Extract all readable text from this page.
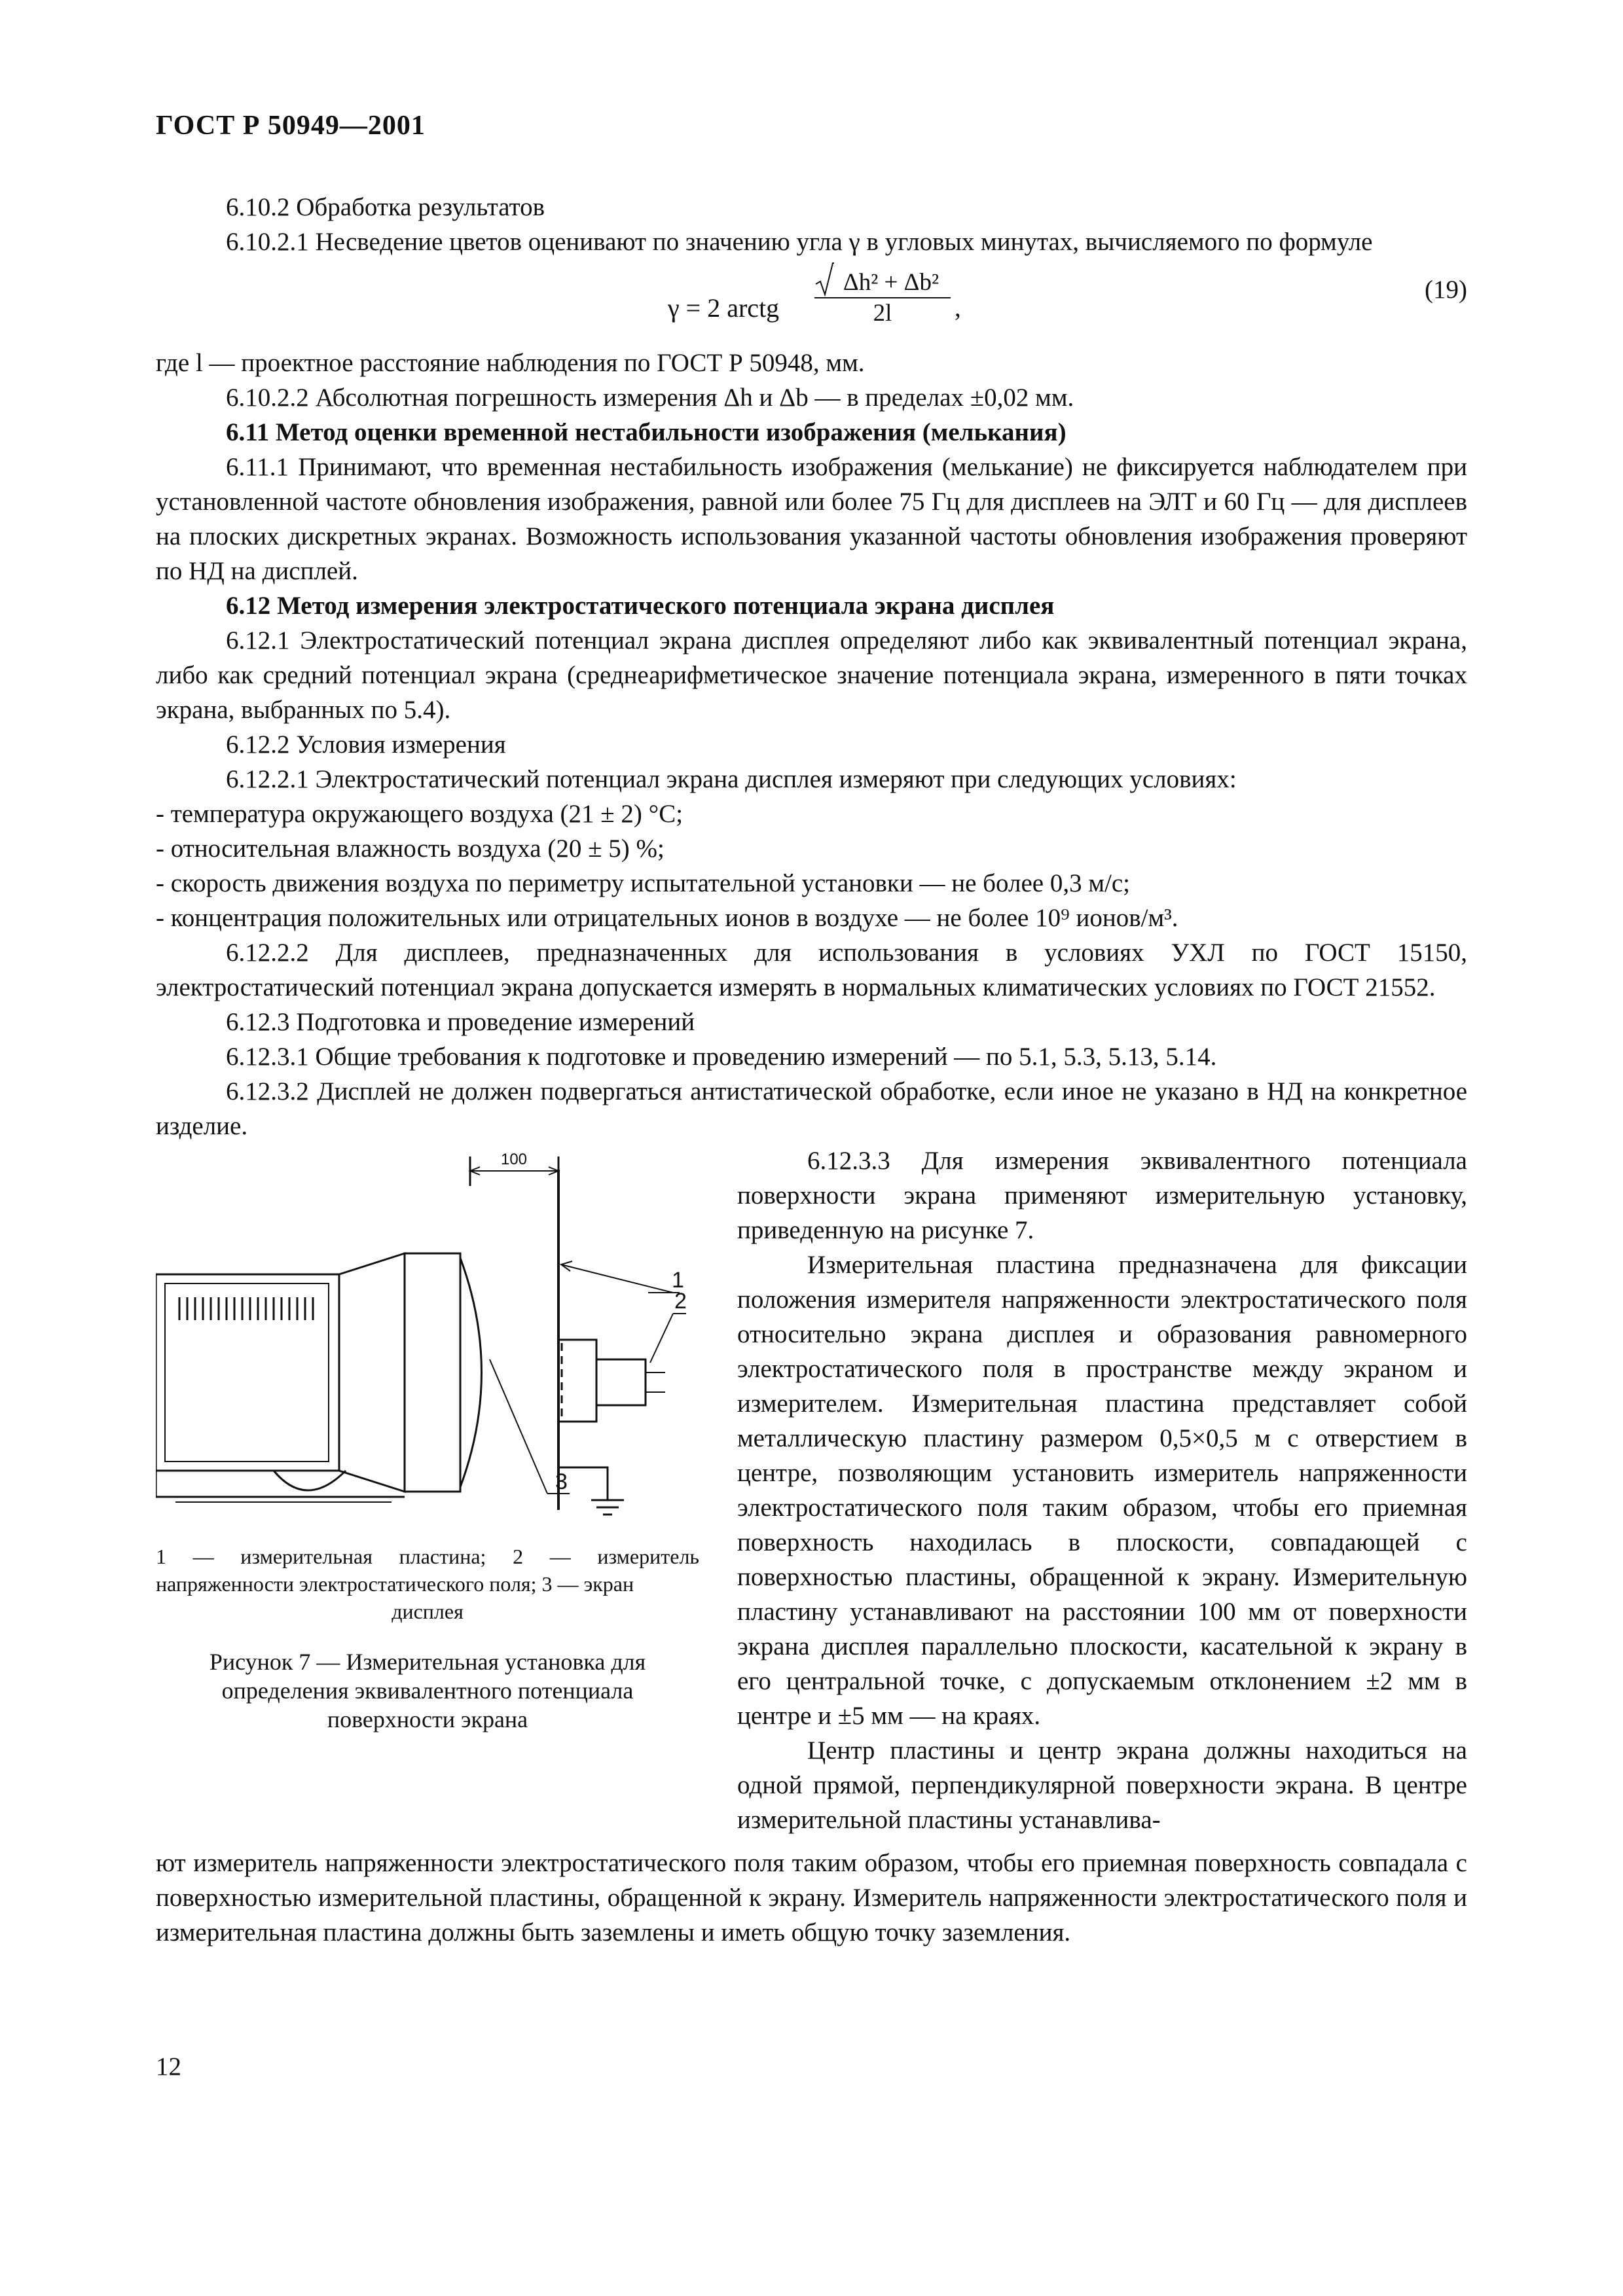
ГОСТ Р 50949—2001

6.10.2 Обработка результатов

6.10.2.1 Несведение цветов оценивают по значению угла γ в угловых минутах, вычисляемого по формуле

γ = 2 arctg $\frac{\text{Δh² + Δb²}}{2l}$ ,
(19)

где l — проектное расстояние наблюдения по ГОСТ Р 50948, мм.

6.10.2.2 Абсолютная погрешность измерения Δh и Δb — в пределах ±0,02 мм.

6.11 Метод оценки временной нестабильности изображения (мелькания)

6.11.1 Принимают, что временная нестабильность изображения (мелькание) не фиксируется наблюдателем при установленной частоте обновления изображения, равной или более 75 Гц для дисплеев на ЭЛТ и 60 Гц — для дисплеев на плоских дискретных экранах. Возможность использования указанной частоты обновления изображения проверяют по НД на дисплей.

6.12 Метод измерения электростатического потенциала экрана дисплея

6.12.1 Электростатический потенциал экрана дисплея определяют либо как эквивалентный потенциал экрана, либо как средний потенциал экрана (среднеарифметическое значение потенциала экрана, измеренного в пяти точках экрана, выбранных по 5.4).

6.12.2 Условия измерения

6.12.2.1 Электростатический потенциал экрана дисплея измеряют при следующих условиях:

- температура окружающего воздуха (21 ± 2) °С;

- относительная влажность воздуха (20 ± 5) %;

- скорость движения воздуха по периметру испытательной установки — не более 0,3 м/с;

- концентрация положительных или отрицательных ионов в воздухе — не более 10⁹ ионов/м³.

6.12.2.2 Для дисплеев, предназначенных для использования в условиях УХЛ по ГОСТ 15150, электростатический потенциал экрана допускается измерять в нормальных климатических условиях по ГОСТ 21552.

6.12.3 Подготовка и проведение измерений

6.12.3.1 Общие требования к подготовке и проведению измерений — по 5.1, 5.3, 5.13, 5.14.

6.12.3.2 Дисплей не должен подвергаться антистатической обработке, если иное не указано в НД на конкретное изделие.

100
1
2
3
1 — измерительная пластина; 2 — измеритель напряженности электростатического поля; 3 — экран
дисплея
Рисунок 7 — Измерительная установка для определения эквивалентного потенциала поверхности экрана

6.12.3.3 Для измерения эквивалентного потенциала поверхности экрана применяют измерительную установку, приведенную на рисунке 7.

Измерительная пластина предназначена для фиксации положения измерителя напряженности электростатического поля относительно экрана дисплея и образования равномерного электростатического поля в пространстве между экраном и измерителем. Измерительная пластина представляет собой металлическую пластину размером 0,5×0,5 м с отверстием в центре, позволяющим установить измеритель напряженности электростатического поля таким образом, чтобы его приемная поверхность находилась в плоскости, совпадающей с поверхностью пластины, обращенной к экрану. Измерительную пластину устанавливают на расстоянии 100 мм от поверхности экрана дисплея параллельно плоскости, касательной к экрану в его центральной точке, с допускаемым отклонением ±2 мм в центре и ±5 мм — на краях.

Центр пластины и центр экрана должны находиться на одной прямой, перпендикулярной поверхности экрана. В центре измерительной пластины устанавлива-

ют измеритель напряженности электростатического поля таким образом, чтобы его приемная поверхность совпадала с поверхностью измерительной пластины, обращенной к экрану. Измеритель напряженности электростатического поля и измерительная пластина должны быть заземлены и иметь общую точку заземления.

12
